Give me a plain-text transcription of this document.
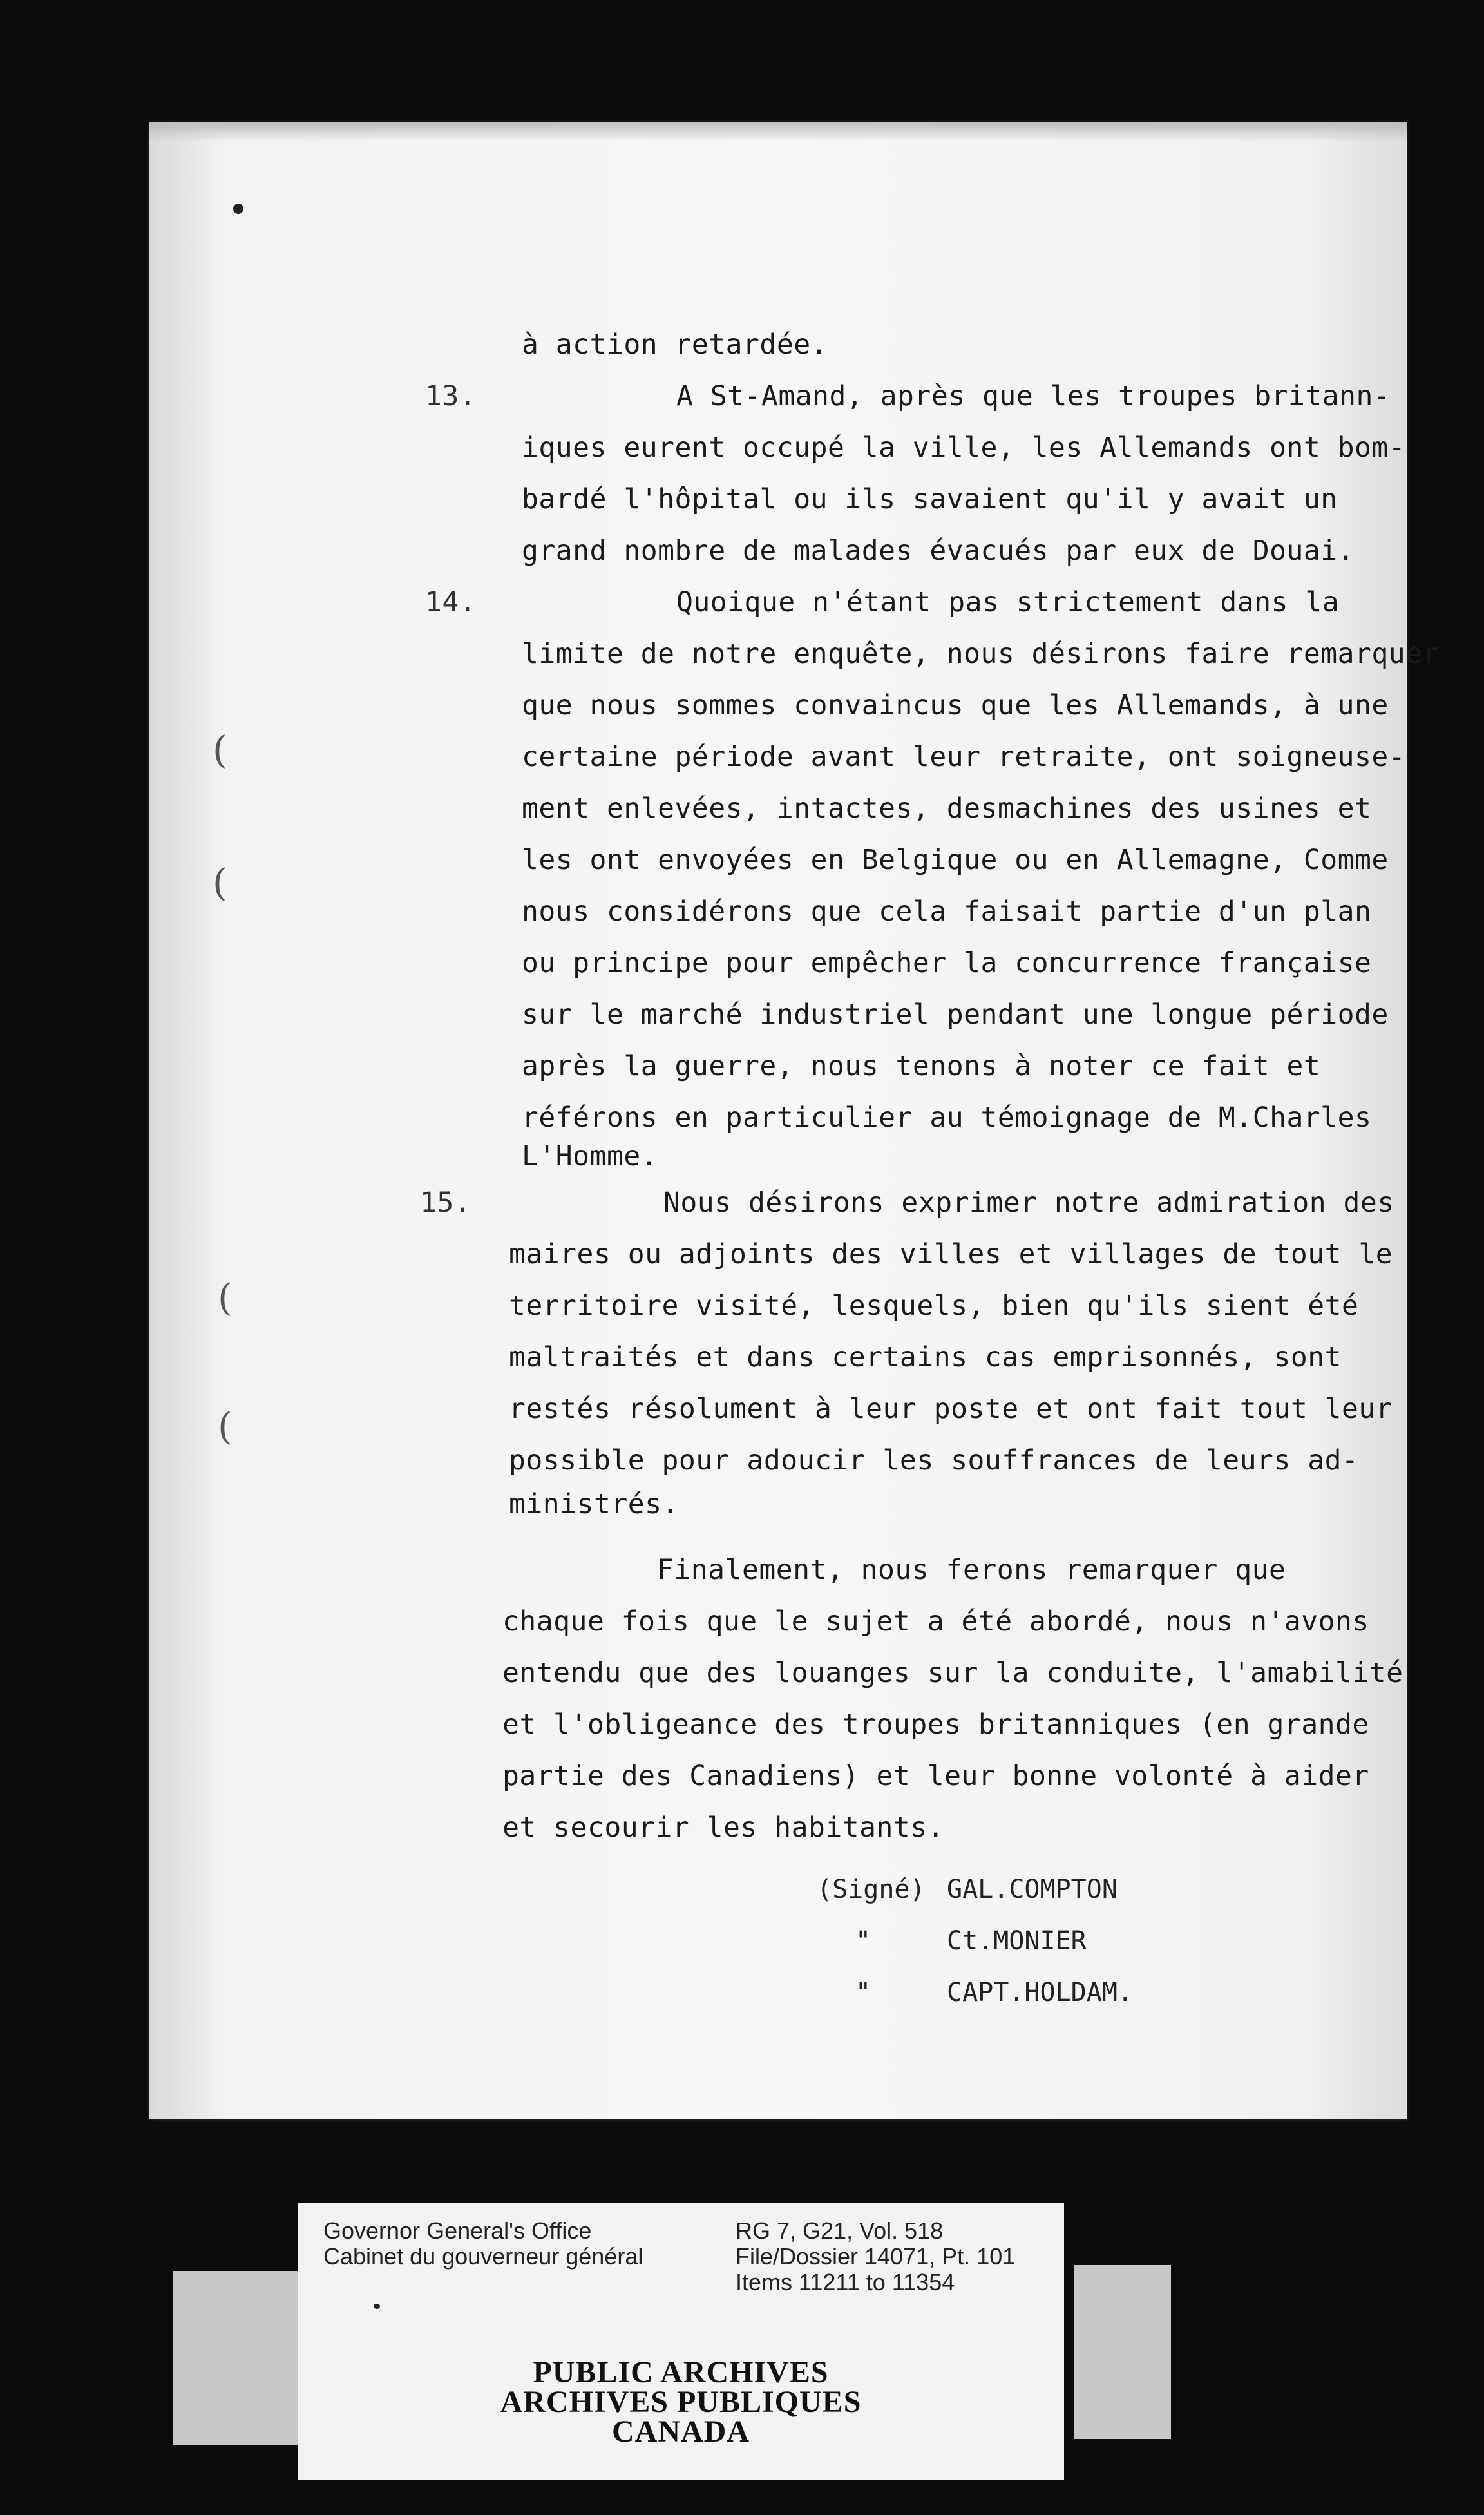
(
(
(
(
13.
14.
15.
à action retardée.
A St-Amand, après que les troupes britann-
iques eurent occupé la ville, les Allemands ont bom-
bardé l'hôpital ou ils savaient qu'il y avait un
grand nombre de malades évacués par eux de Douai.
Quoique n'étant pas strictement dans la
limite de notre enquête, nous désirons faire remarquer
que nous sommes convaincus que les Allemands, à une
certaine période avant leur retraite, ont soigneuse-
ment enlevées, intactes, desmachines des usines et
les ont envoyées en Belgique ou en Allemagne, Comme
nous considérons que cela faisait partie d'un plan
ou principe pour empêcher la concurrence française
sur le marché industriel pendant une longue période
après la guerre, nous tenons à noter ce fait et
référons en particulier au témoignage de M.Charles
L'Homme.
Nous désirons exprimer notre admiration des
maires ou adjoints des villes et villages de tout le
territoire visité, lesquels, bien qu'ils sient été
maltraités et dans certains cas emprisonnés, sont
restés résolument à leur poste et ont fait tout leur
possible pour adoucir les souffrances de leurs ad-
ministrés.
Finalement, nous ferons remarquer que
chaque fois que le sujet a été abordé, nous n'avons
entendu que des louanges sur la conduite, l'amabilité
et l'obligeance des troupes britanniques (en grande
partie des Canadiens) et leur bonne volonté à aider
et secourir les habitants.
(Signé) GAL.COMPTON
"	Ct.MONIER
"	CAPT.HOLDAM.
Governor General's Office
Cabinet du gouverneur général
RG 7, G21, Vol. 518
File/Dossier 14071, Pt. 101
Items 11211 to 11354
PUBLIC ARCHIVES
ARCHIVES PUBLIQUES
CANADA
